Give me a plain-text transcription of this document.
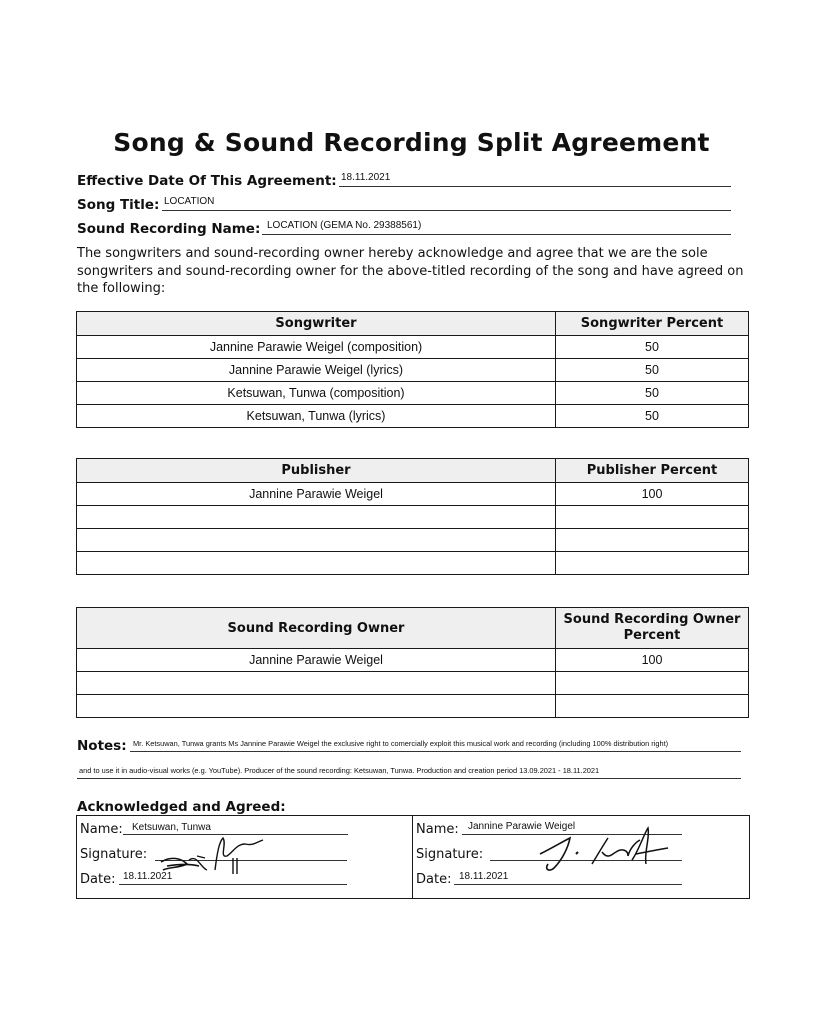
Song & Sound Recording Split Agreement
Effective Date Of This Agreement: 18.11.2021
Song Title: LOCATION
Sound Recording Name: LOCATION (GEMA No. 29388561)
The songwriters and sound-recording owner hereby acknowledge and agree that we are the sole songwriters and sound-recording owner for the above-titled recording of the song and have agreed on the following:
Songwriter	Songwriter Percent
Jannine Parawie Weigel (composition)	50
Jannine Parawie Weigel (lyrics)	50
Ketsuwan, Tunwa (composition)	50
Ketsuwan, Tunwa (lyrics)	50
Publisher	Publisher Percent
Jannine Parawie Weigel	100

Sound Recording Owner	Sound Recording Owner Percent
Jannine Parawie Weigel	100

Notes: Mr. Ketsuwan, Tunwa grants Ms Jannine Parawie Weigel the exclusive right to comercially exploit this musical work and recording (including 100% distribution right)
and to use it in audio-visual works (e.g. YouTube). Producer of the sound recording: Ketsuwan, Tunwa. Production and creation period 13.09.2021 - 18.11.2021
Acknowledged and Agreed:
Name: Ketsuwan, Tunwa
Signature:
Date: 18.11.2021
Name: Jannine Parawie Weigel
Signature:
Date: 18.11.2021
